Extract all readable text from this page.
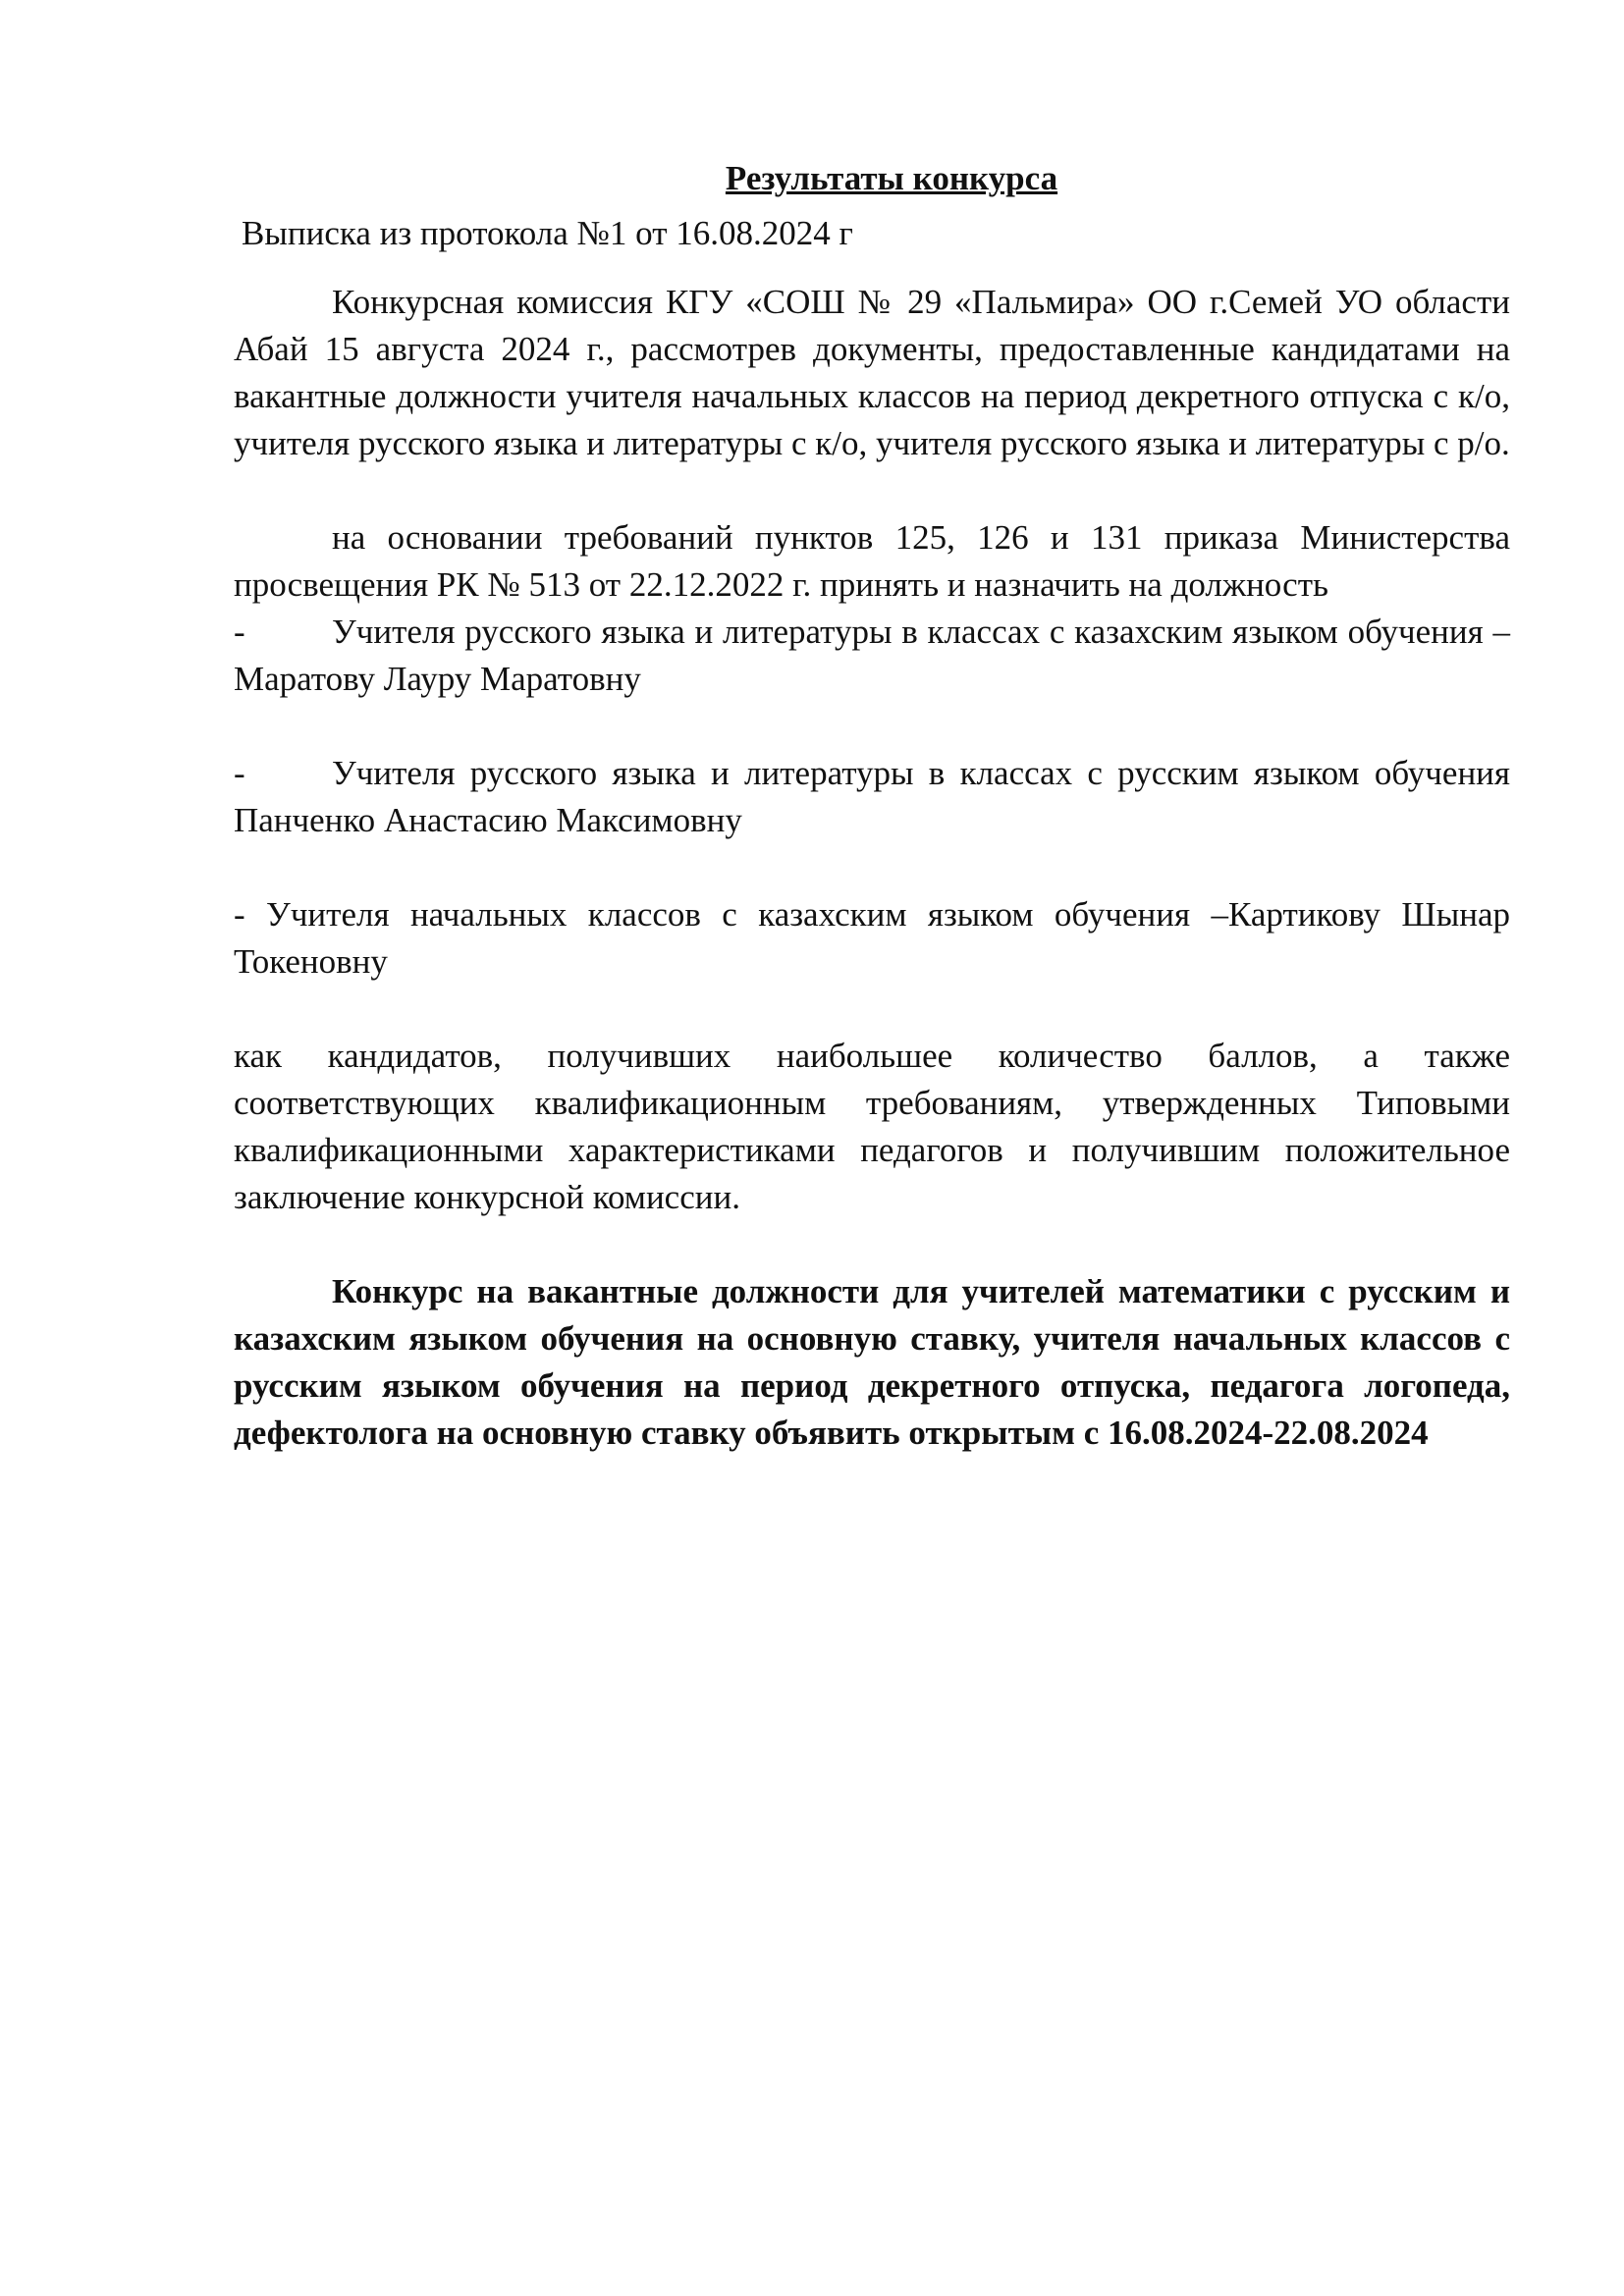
Результаты конкурса

Выписка из протокола №1 от 16.08.2024 г

Конкурсная комиссия КГУ «СОШ № 29 «Пальмира» ОО г.Семей УО области Абай 15 августа 2024 г., рассмотрев документы, предоставленные кандидатами на вакантные должности учителя начальных классов на период декретного отпуска с к/о, учителя русского языка и литературы с к/о, учителя русского языка и литературы с р/о.

на основании требований пунктов 125, 126 и 131 приказа Министерства просвещения РК № 513 от 22.12.2022 г. принять и назначить на должность

-	Учителя русского языка и литературы в классах с казахским языком обучения –Маратову Лауру Маратовну

-	Учителя русского языка и литературы в классах с русским языком обучения Панченко Анастасию Максимовну

- Учителя начальных классов с казахским языком обучения –Картикову Шынар Токеновну

как кандидатов, получивших наибольшее количество баллов, а также соответствующих квалификационным требованиям, утвержденных Типовыми квалификационными характеристиками педагогов и получившим положительное заключение конкурсной комиссии.

Конкурс на вакантные должности для учителей математики с русским и казахским языком обучения на основную ставку, учителя начальных классов с русским языком обучения на период декретного отпуска, педагога логопеда, дефектолога на основную ставку объявить открытым с 16.08.2024-22.08.2024
